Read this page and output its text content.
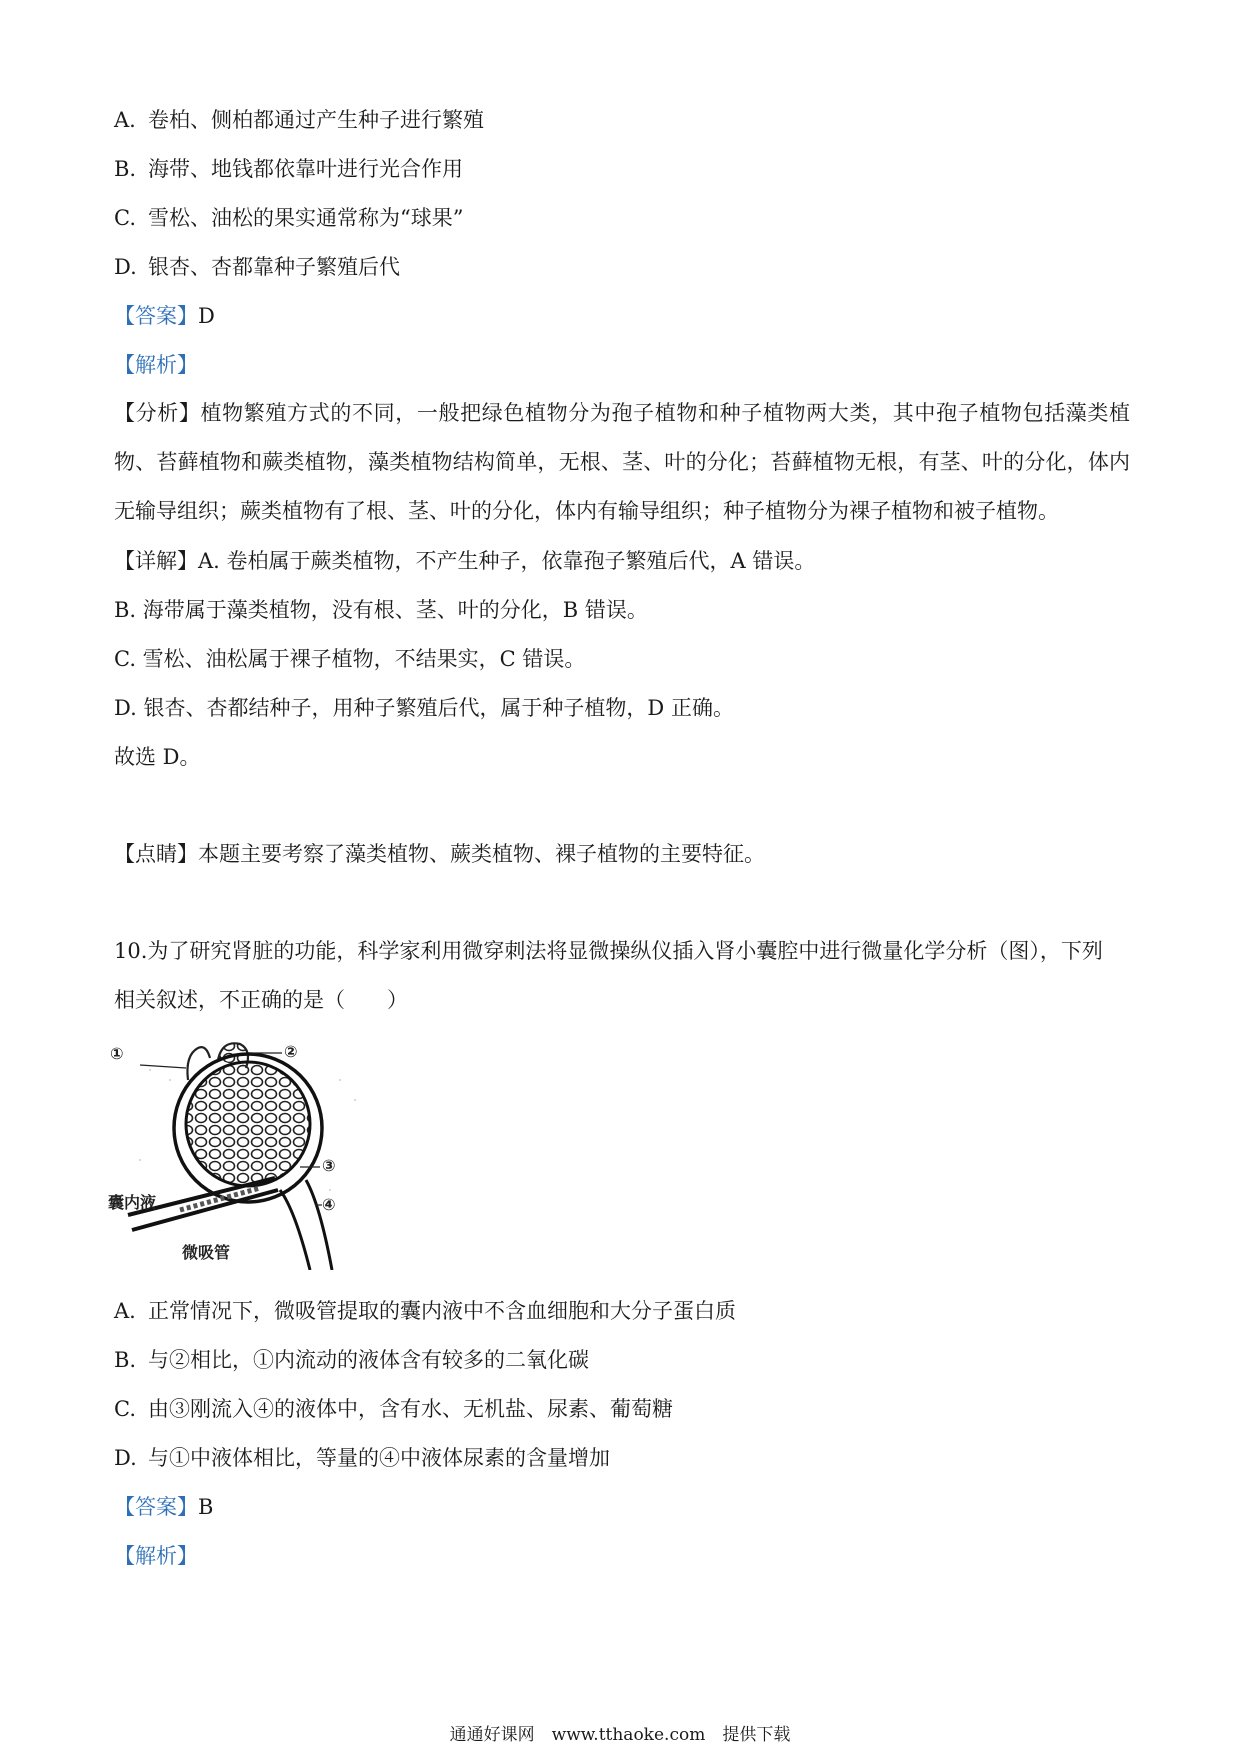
A. 卷柏、侧柏都通过产生种子进行繁殖
B. 海带、地钱都依靠叶进行光合作用
C. 雪松、油松的果实通常称为“球果”
D. 银杏、杏都靠种子繁殖后代
【答案】D
【解析】
【分析】植物繁殖方式的不同，一般把绿色植物分为孢子植物和种子植物两大类，其中孢子植物包括藻类植物、苔藓植物和蕨类植物，藻类植物结构简单，无根、茎、叶的分化；苔藓植物无根，有茎、叶的分化，体内无输导组织；蕨类植物有了根、茎、叶的分化，体内有输导组织；种子植物分为裸子植物和被子植物。
【详解】A. 卷柏属于蕨类植物，不产生种子，依靠孢子繁殖后代，A 错误。
B. 海带属于藻类植物，没有根、茎、叶的分化，B 错误。
C. 雪松、油松属于裸子植物，不结果实，C 错误。
D. 银杏、杏都结种子，用种子繁殖后代，属于种子植物，D 正确。
故选 D。
【点睛】本题主要考察了藻类植物、蕨类植物、裸子植物的主要特征。
10.为了研究肾脏的功能，科学家利用微穿刺法将显微操纵仪插入肾小囊腔中进行微量化学分析（图），下列
相关叙述，不正确的是（　　）
①	②
③
④
囊内液
微吸管
A. 正常情况下，微吸管提取的囊内液中不含血细胞和大分子蛋白质
B. 与②相比，①内流动的液体含有较多的二氧化碳
C. 由③刚流入④的液体中，含有水、无机盐、尿素、葡萄糖
D. 与①中液体相比，等量的④中液体尿素的含量增加
【答案】B
【解析】
通通好课网　www.tthaoke.com　提供下载
